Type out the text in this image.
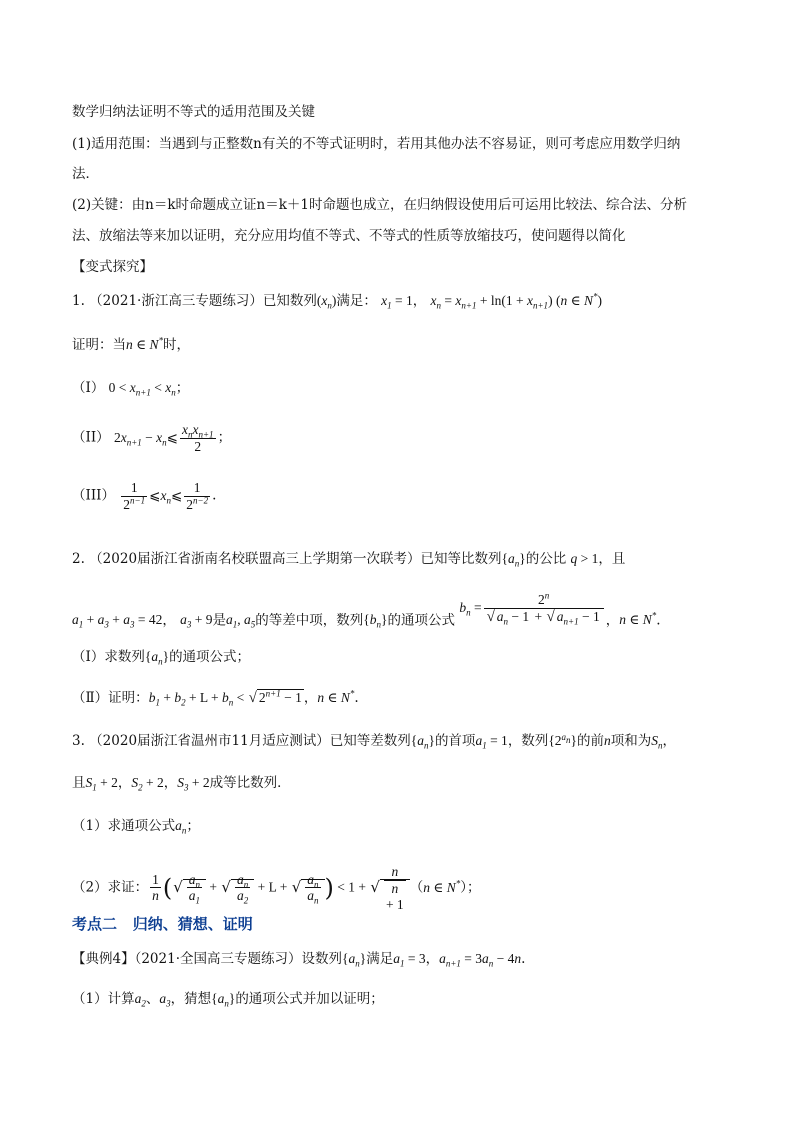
数学归纳法证明不等式的适用范围及关键
(1)适用范围：当遇到与正整数n有关的不等式证明时，若用其他办法不容易证，则可考虑应用数学归纳
法．
(2)关键：由n＝k时命题成立证n＝k＋1时命题也成立，在归纳假设使用后可运用比较法、综合法、分析
法、放缩法等来加以证明，充分应用均值不等式、不等式的性质等放缩技巧，使问题得以简化
【变式探究】
1. （2021·浙江高三专题练习）已知数列$(x_n)$满足： $x_1 = 1$， $x_n = x_{n+1} + \ln(1 + x_{n+1})$ (n ∈ N*)
证明：当n ∈ N*时，
（I） $0 < x_{n+1} < x_n$；
（II） $2x_{n+1}$ − $x_n⩽ \frac{x_nx_{n+1}}{2}$ ；
$(III) \frac{1}{2^{n-1}}$ $⩽x_n⩽ \frac{1}{2^{n-2}}$ .
2. （2020届浙江省浙南名校联盟高三上学期第一次联考）已知等比数列$\{a_n\}$的公比 q > 1，且
$a_1 + a_3 + a_3 = 42$， $a_3 + 9$是$a_1$, $a_5$的等差中项，数列$\{b_n\}$的通项公式 $b_n = \frac{2^n}{√ a_n - 1 + √ a_{n+1} - 1}$ ，n ∈ N*.
（Ⅰ）求数列$\{a_n\}$的通项公式；
（Ⅱ）证明：$b_1 + b_2 + L + b_n$ < √ $2^{n+1} - 1$ ，n ∈ N*.
3. （2020届浙江省温州市11月适应测试）已知等差数列$\{a_n\}$的首项$a_1 = 1$，数列$\{2^{a_n}\}$的前n项和为$S_n$，
且$S_1 + 2$，$S_2 + 2$，$S_3 + 2$成等比数列．
（1）求通项公式$a_n$；
（2）求证：
1
n (√ $a_n$
$a_1$ + √ $a_n$
$a_2 + L$ + √ $a_n$
$a_n$ ) < 1 + √
n
n
+ 1
（n ∈ N*）；
考点二 归纳、猜想、证明
【典例4】（2021·全国高三专题练习）设数列$\{a_n\}$满足$a_1 = 3$，$a_{n+1} = 3a_n - 4n$.
（1）计算$a_2$、$a_3$，猜想$\{a_n\}$的通项公式并加以证明；
